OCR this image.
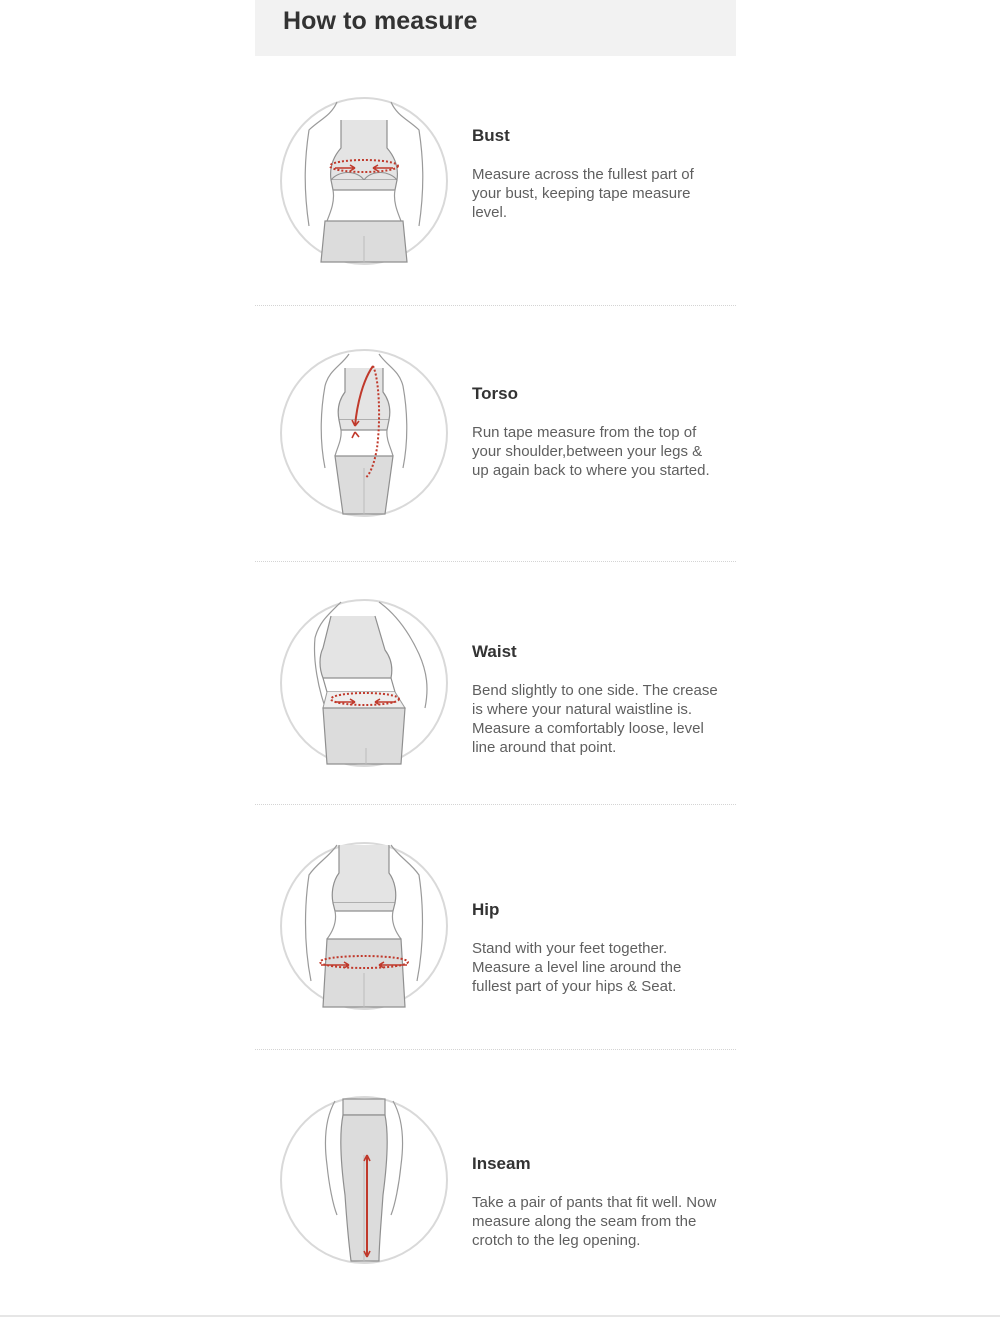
How to measure

Bust

Measure across the fullest part of your bust, keeping tape measure level.

Torso

Run tape measure from the top of your shoulder,between your legs & up again back to where you started.

Waist

Bend slightly to one side. The crease is where your natural waistline is. Measure a comfortably loose, level line around that point.

Hip

Stand with your feet together. Measure a level line around the fullest part of your hips & Seat.

Inseam

Take a pair of pants that fit well. Now measure along the seam from the crotch to the leg opening.
